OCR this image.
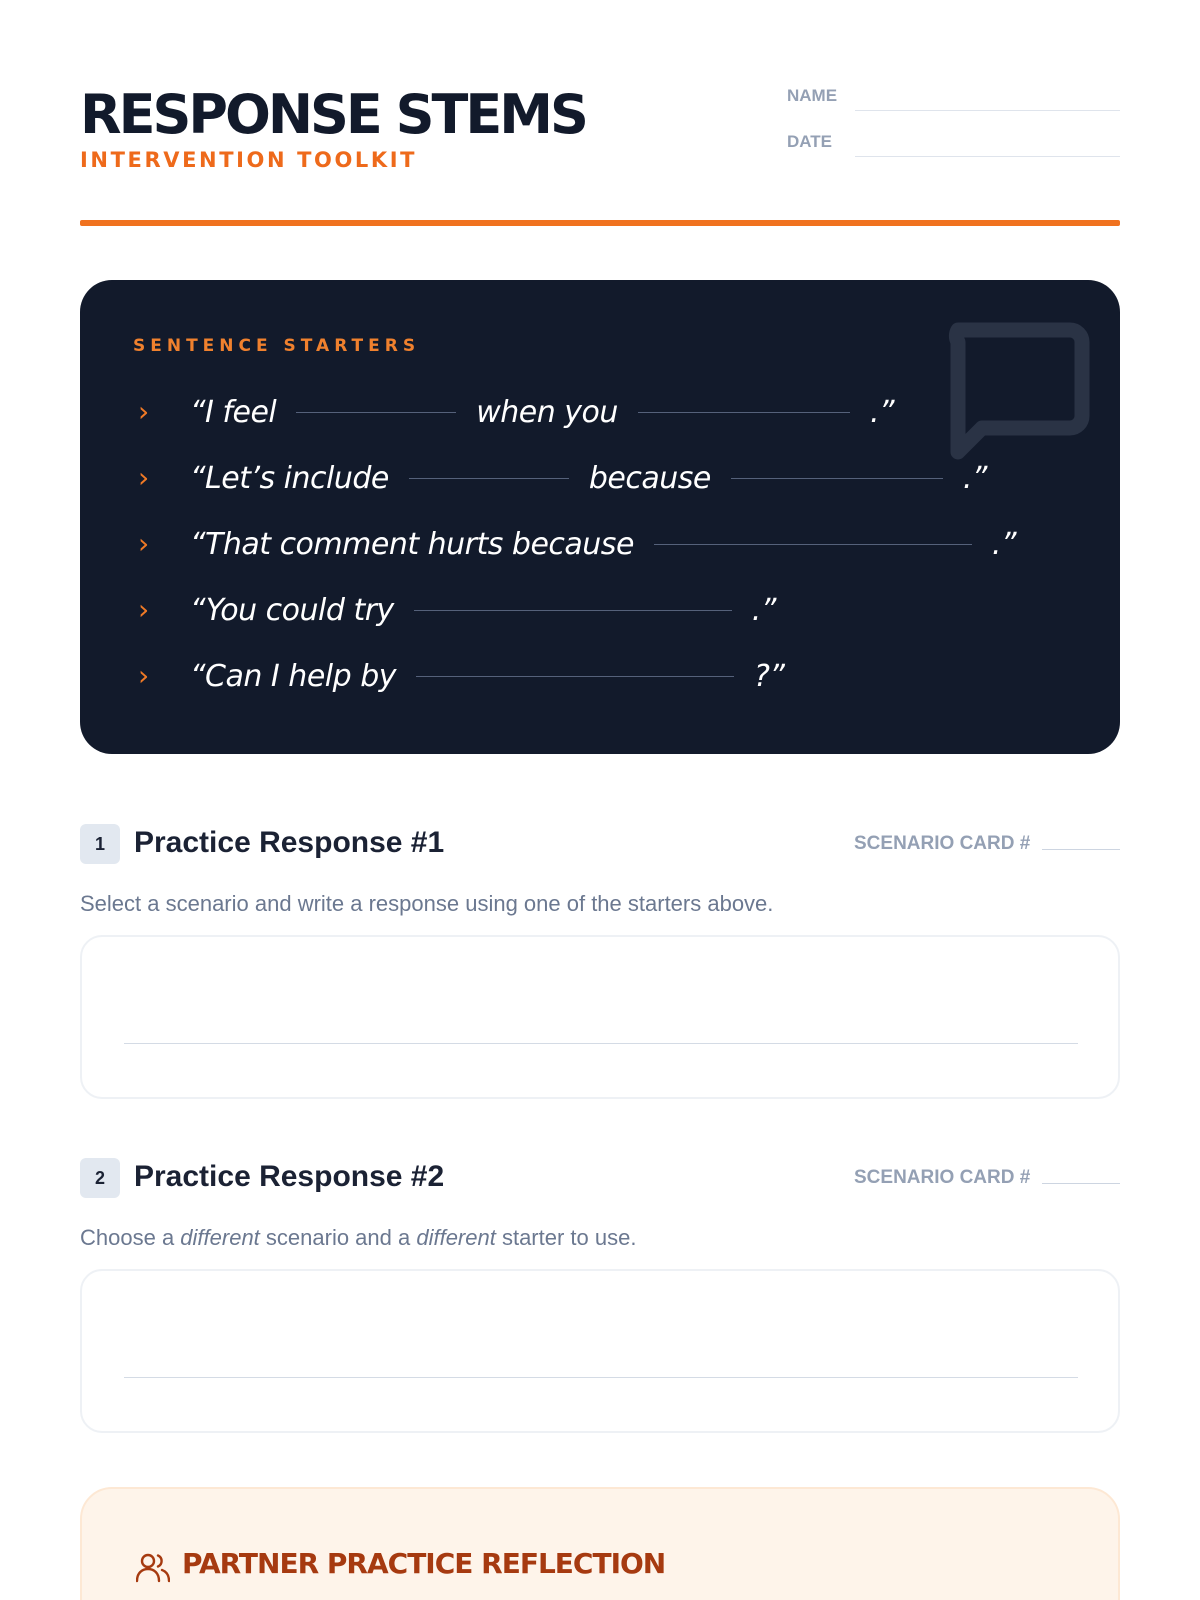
RESPONSE STEMS
INTERVENTION TOOLKIT
NAME
DATE
SENTENCE STARTERS
›	“I feel	when you	.”
›	“Let’s include	because	.”
›	“That comment hurts because	.”
›	“You could try	.”
›	“Can I help by	?”
1 Practice Response #1	SCENARIO CARD #
Select a scenario and write a response using one of the starters above.
2 Practice Response #2	SCENARIO CARD #
Choose a different scenario and a different starter to use.
PARTNER PRACTICE REFLECTION
